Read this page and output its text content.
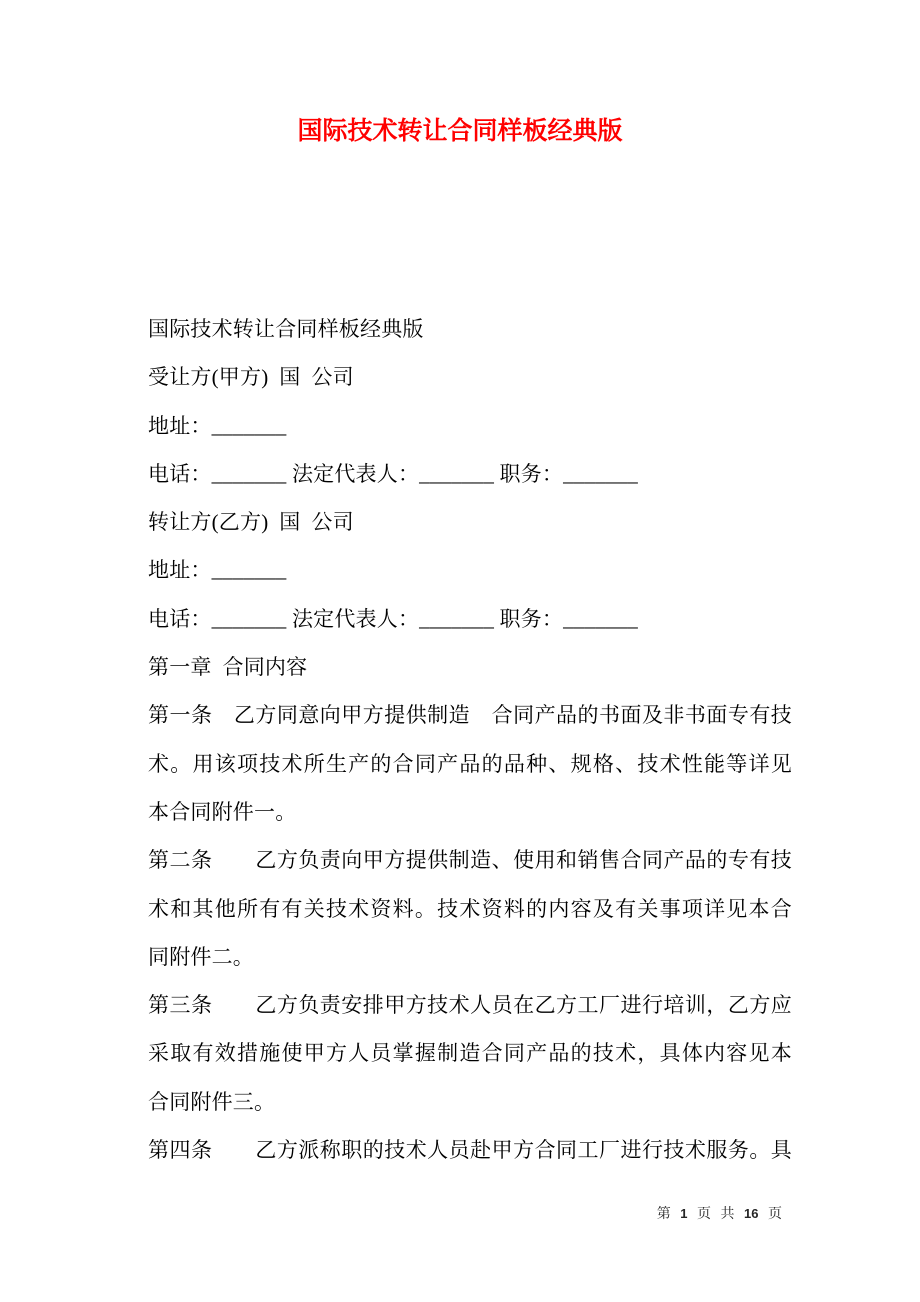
国际技术转让合同样板经典版
国际技术转让合同样板经典版
受让方(甲方)  国  公司
地址：_______
电话：_______ 法定代表人：_______ 职务：_______
转让方(乙方)  国  公司
地址：_______
电话：_______ 法定代表人：_______ 职务：_______
第一章  合同内容
第一条　乙方同意向甲方提供制造　合同产品的书面及非书面专有技
术。用该项技术所生产的合同产品的品种、规格、技术性能等详见
本合同附件一。
第二条　　乙方负责向甲方提供制造、使用和销售合同产品的专有技
术和其他所有有关技术资料。技术资料的内容及有关事项详见本合
同附件二。
第三条　　乙方负责安排甲方技术人员在乙方工厂进行培训，乙方应
采取有效措施使甲方人员掌握制造合同产品的技术，具体内容见本
合同附件三。
第四条　　乙方派称职的技术人员赴甲方合同工厂进行技术服务。具
第 1 页 共 16 页
